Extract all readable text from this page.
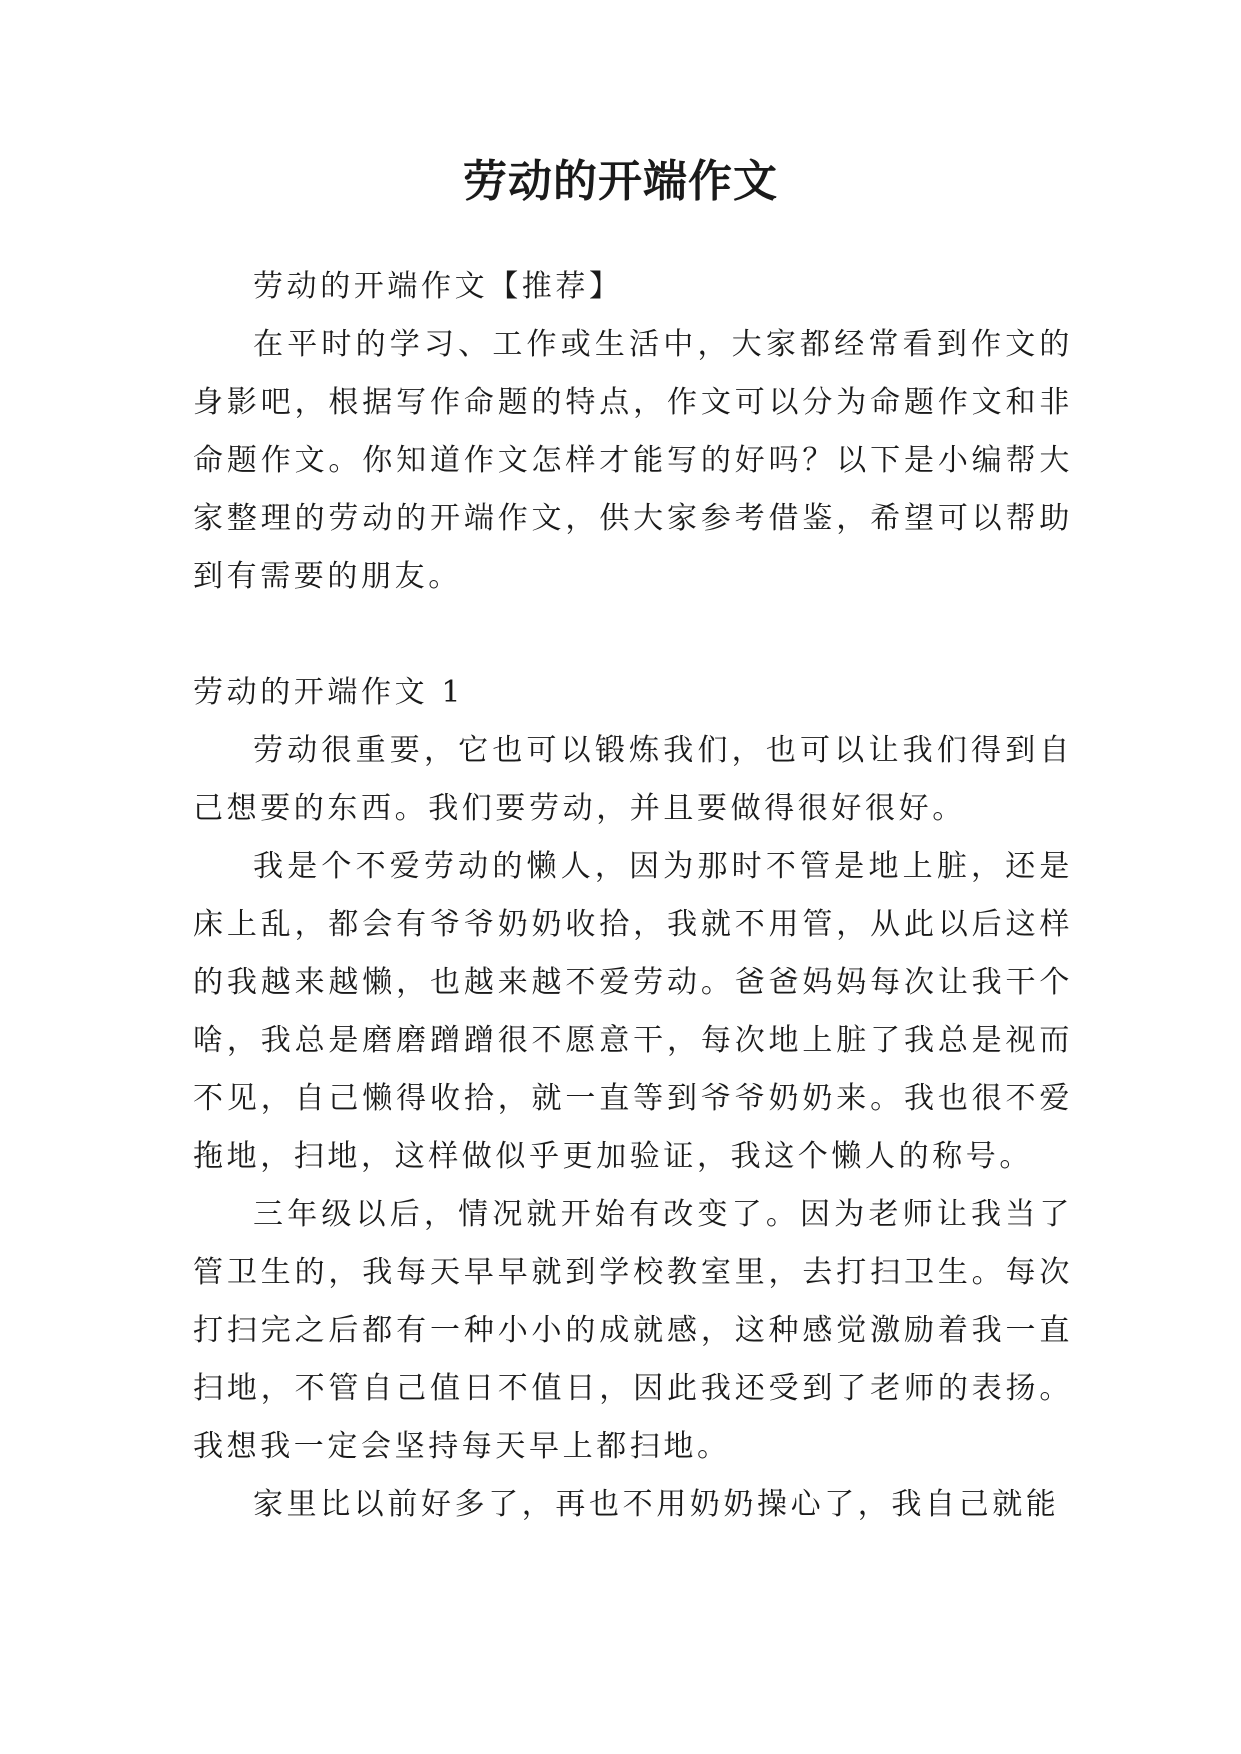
劳动的开端作文

劳动的开端作文【推荐】

在平时的学习、工作或生活中，大家都经常看到作文的身影吧，根据写作命题的特点，作文可以分为命题作文和非命题作文。你知道作文怎样才能写的好吗？以下是小编帮大家整理的劳动的开端作文，供大家参考借鉴，希望可以帮助到有需要的朋友。

劳动的开端作文 1

劳动很重要，它也可以锻炼我们，也可以让我们得到自己想要的东西。我们要劳动，并且要做得很好很好。

我是个不爱劳动的懒人，因为那时不管是地上脏，还是床上乱，都会有爷爷奶奶收拾，我就不用管，从此以后这样的我越来越懒，也越来越不爱劳动。爸爸妈妈每次让我干个啥，我总是磨磨蹭蹭很不愿意干，每次地上脏了我总是视而不见，自己懒得收拾，就一直等到爷爷奶奶来。我也很不爱拖地，扫地，这样做似乎更加验证，我这个懒人的称号。

三年级以后，情况就开始有改变了。因为老师让我当了管卫生的，我每天早早就到学校教室里，去打扫卫生。每次打扫完之后都有一种小小的成就感，这种感觉激励着我一直扫地，不管自己值日不值日，因此我还受到了老师的表扬。我想我一定会坚持每天早上都扫地。

家里比以前好多了，再也不用奶奶操心了，我自己就能
